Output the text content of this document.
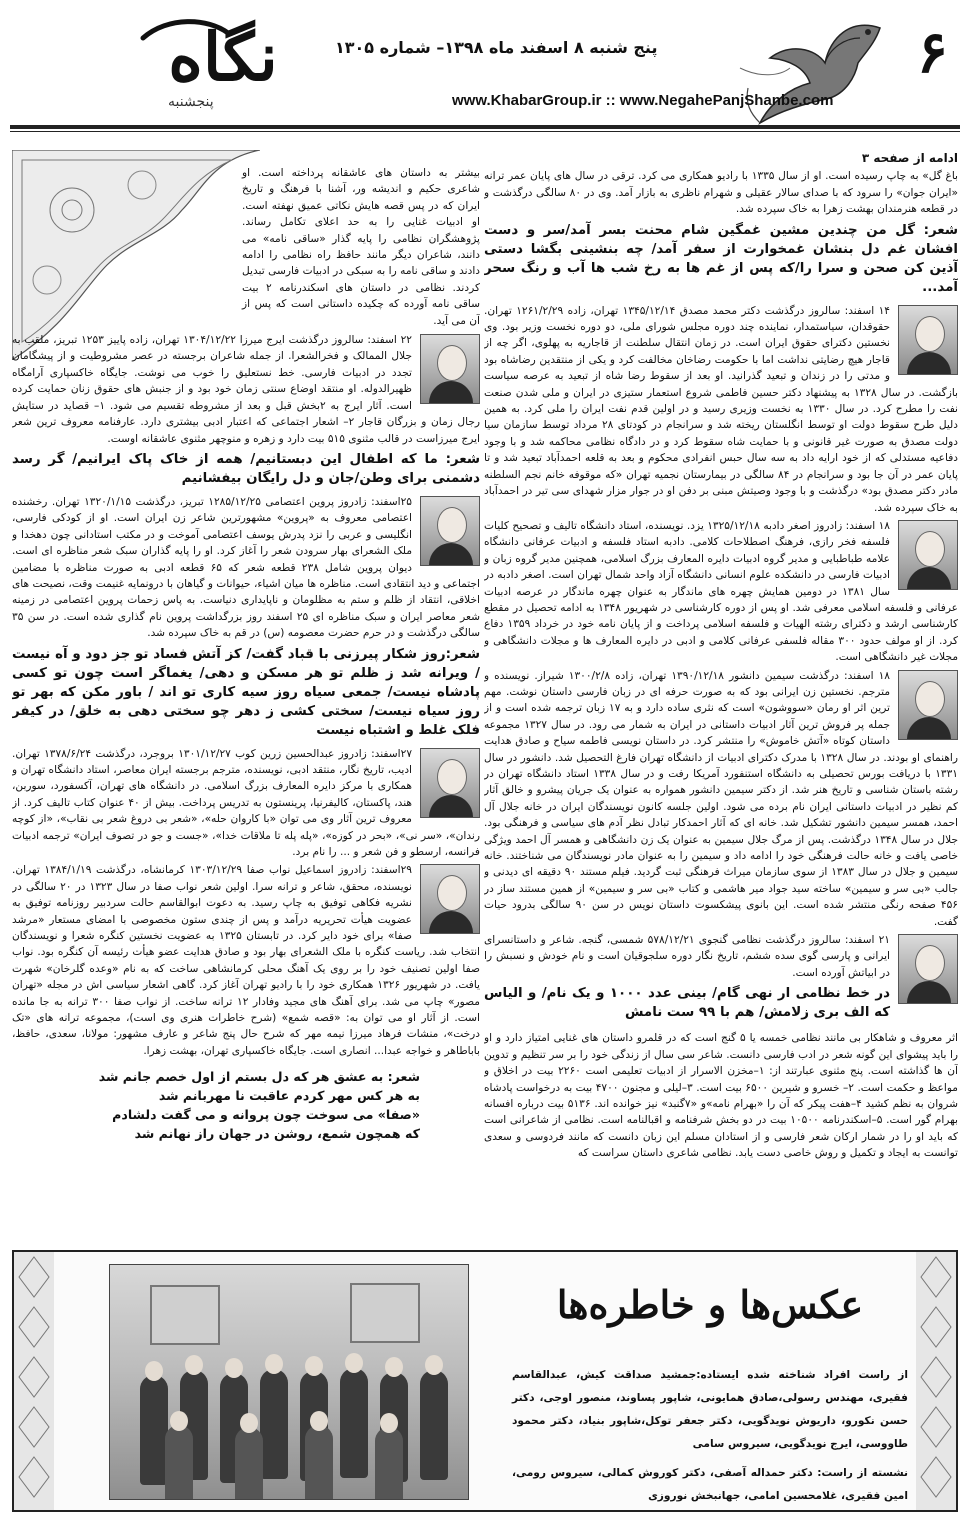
۶
نگاه
پنجشنبه
پنج شنبه ۸ اسفند ماه ۱۳۹۸– شماره ۱۳۰۵
www.KhabarGroup.ir :: www.NegahePanjShanbe.com
ادامه از صفحه ۳

باغ گل» به چاپ رسیده است. او از سال ۱۳۳۵ با رادیو همکاری می کرد. ترقی در سال های پایان عمر ترانه «ایران جوان» را سرود که با صدای سالار عقیلی و شهرام ناظری به بازار آمد. وی در ۸۰ سالگی درگذشت و در قطعه هنرمندان بهشت زهرا به خاک سپرده شد.

شعر: گل من چندین مشین غمگین شام محنت بسر آمد/سر و دست افشان غم دل بنشان غمخوارت از سفر آمد/ چه بنشینی بگشا دستی آذین کن صحن و سرا را/که پس از غم ها به رخ شب ها آب و رنگ سحر آمد...

۱۴ اسفند: سالروز درگذشت دکتر محمد مصدق ۱۳۴۵/۱۲/۱۴ تهران، زاده ۱۲۶۱/۲/۲۹ تهران. حقوقدان، سیاستمدار، نماینده چند دوره مجلس شورای ملی، دو دوره نخست وزیر بود. وی نخستین دکترای حقوق ایران است. در زمان انتقال سلطنت از قاجاریه به پهلوی، اگر چه از قاجار هیچ رضایتی نداشت اما با حکومت رضاخان مخالفت کرد و یکی از منتقدین رضاشاه بود و مدتی را در زندان و تبعید گذرانید. او بعد از سقوط رضا شاه از تبعید به عرصه سیاست بازگشت. در سال ۱۳۲۸ به پیشنهاد دکتر حسین فاطمی شروع استعمار ستیزی در ایران و ملی شدن صنعت نفت را مطرح کرد. در سال ۱۳۳۰ به نخست وزیری رسید و در اولین قدم نفت ایران را ملی کرد. به همین دلیل طرح سقوط دولت او توسط انگلستان ریخته شد و سرانجام در کودتای ۲۸ مرداد توسط سازمان سیا دولت مصدق به صورت غیر قانونی و با حمایت شاه سقوط کرد و در دادگاه نظامی محاکمه شد و با وجود دفاعیه مستدلی که از خود ارایه داد به سه سال حبس انفرادی محکوم و بعد به قلعه احمدآباد تبعید شد و تا پایان عمر در آن جا بود و سرانجام در ۸۴ سالگی در بیمارستان نجمیه تهران «که موقوفه خانم نجم السلطنه مادر دکتر مصدق بود» درگذشت و با وجود وصیتش مبنی بر دفن او در جوار مزار شهدای سی تیر در احمدآباد به خاک سپرده شد.

۱۸ اسفند: زادروز اصغر دادبه ۱۳۲۵/۱۲/۱۸ یزد. نویسنده، استاد دانشگاه تالیف و تصحیح کلیات فلسفه فخر رازی، فرهنگ اصطلاحات کلامی. دادبه استاد فلسفه و ادبیات عرفانی دانشگاه علامه طباطبایی و مدیر گروه ادبیات دایره المعارف بزرگ اسلامی، همچنین مدیر گروه زبان و ادبیات فارسی در دانشکده علوم انسانی دانشگاه آزاد واحد شمال تهران است. اصغر دادبه در سال ۱۳۸۱ در دومین همایش چهره های ماندگار به عنوان چهره ماندگار در عرصه ادبیات عرفانی و فلسفه اسلامی معرفی شد. او پس از دوره کارشناسی در شهریور ۱۳۴۸ به ادامه تحصیل در مقطع کارشناسی ارشد و دکترای رشته الهیات و فلسفه اسلامی پرداخت و از پایان نامه خود در خرداد ۱۳۵۹ دفاع کرد. از او مولف حدود ۳۰۰ مقاله فلسفی عرفانی کلامی و ادبی در دایره المعارف ها و مجلات دانشگاهی و مجلات غیر دانشگاهی است.

۱۸ اسفند: درگذشت سیمین دانشور ۱۳۹۰/۱۲/۱۸ تهران، زاده ۱۳۰۰/۲/۸ شیراز. نویسنده و مترجم. نخستین زن ایرانی بود که به صورت حرفه ای در زبان فارسی داستان نوشت. مهم ترین اثر او رمان «سووشون» است که نثری ساده دارد و به ۱۷ زبان ترجمه شده است و از جمله پر فروش ترین آثار ادبیات داستانی در ایران به شمار می رود. در سال ۱۳۲۷ مجموعه داستان کوتاه «آتش خاموش» را منتشر کرد. در داستان نویسی فاطمه سیاح و صادق هدایت راهنمای او بودند. در سال ۱۳۲۸ با مدرک دکترای ادبیات از دانشگاه تهران فارغ التحصیل شد. دانشور در سال ۱۳۳۱ با دریافت بورس تحصیلی به دانشگاه استنفورد آمریکا رفت و در سال ۱۳۳۸ استاد دانشگاه تهران در رشته باستان شناسی و تاریخ هنر شد. از دکتر سیمین دانشور همواره به عنوان یک جریان پیشرو و خالق آثار کم نظیر در ادبیات داستانی ایران نام برده می شود. اولین جلسه کانون نویسندگان ایران در خانه جلال آل احمد، همسر سیمین دانشور تشکیل شد. خانه ای که آثار احمدکار تبادل نظر آدم های سیاسی و فرهنگی بود. جلال در سال ۱۳۴۸ درگذشت. پس از مرگ جلال سیمین به عنوان یک زن دانشگاهی و همسر آل احمد ویژگی خاصی یافت و خانه حالت فرهنگی خود را ادامه داد و سیمین را به عنوان مادر نویسندگان می شناختند. خانه سیمین و جلال در سال ۱۳۸۳ از سوی سازمان میراث فرهنگی ثبت گردید. فیلم مستند ۹۰ دقیقه ای دیدنی و جالب «بی سر و سیمین» ساخته سید جواد میر هاشمی و کتاب «بی سر و سیمین» از همین مستند ساز در ۴۵۶ صفحه رنگی منتشر شده است. این بانوی پیشکسوت داستان نویس در سن ۹۰ سالگی بدرود حیات گفت.

۲۱ اسفند: سالروز درگذشت نظامی گنجوی ۵۷۸/۱۲/۲۱ شمسی، گنجه. شاعر و داستانسرای ایرانی و پارسی گوی سده ششم، تاریخ نگار دوره سلجوقیان است و نام خودش و نسبش را در ابیاتش آورده است.

در خط نظامی ار نهی گام/ بینی عدد ۱۰۰۰ و یک نام/ و الیاس که الف بری زلامش/ هم با ۹۹ ست نامش

اثر معروف و شاهکار بی مانند نظامی خمسه یا ۵ گنج است که در قلمرو داستان های غنایی امتیاز دارد و او را باید پیشوای این گونه شعر در ادب فارسی دانست. شاعر سی سال از زندگی خود را بر سر تنظیم و تدوین آن ها گذاشته است. پنج مثنوی عبارتند از: ۱–مخزن الاسرار از ادبیات تعلیمی است ۲۲۶۰ بیت در اخلاق و مواعظ و حکمت است. ۲– خسرو و شیرین ۶۵۰۰ بیت است. ۳–لیلی و مجنون ۴۷۰۰ بیت به درخواست پادشاه شروان به نظم کشید ۴–هفت پیکر که آن را «بهرام نامه»و «۷گنبد» نیز خوانده اند. ۵۱۳۶ بیت درباره افسانه بهرام گور است. ۵–اسکندرنامه ۱۰۵۰۰ بیت در دو بخش شرفنامه و اقبالنامه است. نظامی از شاعرانی است که باید او را در شمار ارکان شعر فارسی و از استادان مسلم این زبان دانست که مانند فردوسی و سعدی توانست به ایجاد و تکمیل و روش خاصی دست یابد. نظامی شاعری داستان سراست که

بیشتر به داستان های عاشقانه پرداخته است. او شاعری حکیم و اندیشه ور، آشنا با فرهنگ و تاریخ ایران که در پس قصه هایش نکاتی عمیق نهفته است. او ادبیات غنایی را به حد اعلای تکامل رساند. پژوهشگران نظامی را پایه گذار «ساقی نامه» می دانند، شاعران دیگر مانند حافظ راه نظامی را ادامه دادند و ساقی نامه را به سبکی در ادبیات فارسی تبدیل کردند. نظامی در داستان های اسکندرنامه ۲ بیت ساقی نامه آورده که چکیده داستانی است که پس از آن می آید.

۲۲ اسفند: سالروز درگذشت ایرج میرزا ۱۳۰۴/۱۲/۲۲ تهران، زاده پاییز ۱۲۵۳ تبریز، ملقب به جلال الممالک و فخرالشعرا. از جمله شاعران برجسته در عصر مشروطیت و از پیشگامان تجدد در ادبیات فارسی. خط نستعلیق را خوب می نوشت. جایگاه خاکسپاری آرامگاه ظهیرالدوله. او منتقد اوضاع سنتی زمان خود بود و از جنبش های حقوق زنان حمایت کرده است. آثار ایرج به ۲بخش قبل و بعد از مشروطه تقسیم می شود. ۱– قصاید در ستایش رجال زمان و بزرگان قاجار ۲– اشعار اجتماعی که اعتبار ادبی بیشتری دارد. عارفنامه معروف ترین شعر ایرج میرزاست در قالب مثنوی ۵۱۵ بیت دارد و زهره و منوچهر مثنوی عاشقانه اوست.

شعر: ما که اطفال این دبستانیم/ همه از خاک پاک ایرانیم/ گر رسد دشمنی برای وطن/جان و دل رایگان بیفشانیم

۲۵اسفند: زادروز پروین اعتصامی ۱۲۸۵/۱۲/۲۵ تبریز، درگذشت ۱۳۲۰/۱/۱۵ تهران. رخشنده اعتصامی معروف به «پروین» مشهورترین شاعر زن ایران است. او از کودکی فارسی، انگلیسی و عربی را نزد پدرش یوسف اعتصامی آموخت و در مکتب استادانی چون دهخدا و ملک الشعرای بهار سرودن شعر را آغاز کرد. او را پایه گذاران سبک شعر مناظره ای است. دیوان پروین شامل ۲۳۸ قطعه شعر که ۶۵ قطعه ادبی به صورت مناظره با مضامین اجتماعی و دید انتقادی است. مناظره ها میان اشیاء، حیوانات و گیاهان با درونمایه غنیمت وقت، نصیحت های اخلاقی، انتقاد از ظلم و ستم به مظلومان و ناپایداری دنیاست. به پاس زحمات پروین اعتصامی در زمینه شعر معاصر ایران و سبک مناظره ای ۲۵ اسفند روز بزرگداشت پروین نام گذاری شده است. در سن ۳۵ سالگی درگذشت و در حرم حضرت معصومه (س) در قم به خاک سپرده شد.

شعر:روز شکار پیرزنی با قباد گفت/ کز آتش فساد تو جز دود و آه نیست / ویرانه شد ز ظلم تو هر مسکن و دهی/ یغماگر است چون تو کسی پادشاه نیست/ جمعی سیاه روز سیه کاری تو اند / باور مکن که بهر تو روز سیاه نیست/ سختی کشی ز دهر چو سختی دهی به خلق/ در کیفر فلک غلط و اشتباه نیست

۲۷اسفند: زادروز عبدالحسین زرین کوب ۱۳۰۱/۱۲/۲۷ بروجرد، درگذشت ۱۳۷۸/۶/۲۴ تهران. ادیب، تاریخ نگار، منتقد ادبی، نویسنده، مترجم برجسته ایران معاصر، استاد دانشگاه تهران و همکاری با مرکز دایره المعارف بزرگ اسلامی. در دانشگاه های تهران، آکسفورد، سوربن، هند، پاکستان، کالیفرنیا، پرینستون به تدریس پرداخت. بیش از ۴۰ عنوان کتاب تالیف کرد. از معروف ترین آثار وی می توان «با کاروان حله»، «شعر بی دروغ شعر بی نقاب»، «از کوچه رندان»، «سر نی»، «بحر در کوزه»، «پله پله تا ملاقات خدا»، «جست و جو در تصوف ایران» ترجمه ادبیات فرانسه، ارسطو و فن شعر و ... را نام برد.

۲۹اسفند: زادروز اسماعیل نواب صفا ۱۳۰۳/۱۲/۲۹ کرمانشاه، درگذشت ۱۳۸۴/۱/۱۹ تهران. نویسنده، محقق، شاعر و ترانه سرا. اولین شعر نواب صفا در سال ۱۳۲۳ در ۲۰ سالگی در نشریه فکاهی توفیق به چاپ رسید. به دعوت ابوالقاسم حالت سردبیر روزنامه توفیق به عضویت هیأت تحریریه درآمد و پس از چندی ستون مخصوصی با امضای مستعار «مرشد صفا» برای خود دایر کرد. در تابستان ۱۳۲۵ به عضویت نخستین کنگره شعرا و نویسندگان انتخاب شد. ریاست کنگره با ملک الشعرای بهار بود و صادق هدایت عضو هیأت رئیسه آن کنگره بود. نواب صفا اولین تصنیف خود را بر روی یک آهنگ محلی کرمانشاهی ساخت که به نام «وعده گلرخان» شهرت یافت. در شهریور ۱۳۲۶ همکاری خود را با رادیو تهران آغاز کرد. گاهی اشعار سیاسی اش در مجله «تهران مصور» چاپ می شد. برای آهنگ های مجید وفادار ۱۲ ترانه ساخت. از نواب صفا ۳۰۰ ترانه به جا مانده است. از آثار او می توان به: «قصه شمع» (شرح خاطرات هنری وی است)، مجموعه ترانه های «تک درخت»، منشات فرهاد میرزا نیمه مهر که شرح حال پنج شاعر و عارف مشهور: مولانا، سعدی، حافظ، باباطاهر و خواجه عبدا... انصاری است. جایگاه خاکسپاری تهران، بهشت زهرا.

شعر: به عشق هر که دل بستم از اول خصم جانم شد
به هر کس مهر کردم عاقبت نا مهربانم شد
«صفا» می سوخت چون پروانه و می گفت دلشادم
که همچون شمع، روشن در جهان راز نهانم شد
عکس‌ها و خاطره‌ها

از راست افراد شناخته شده ایستاده:جمشید صداقت کیش، عبدالقاسم فقیری، مهندس رسولی،صادق همایونی، شاپور پساوند، منصور اوجی، دکتر حسن نکورو، داریوش نویدگویی، دکتر جعفر توکل،شاپور بنیاد، دکتر محمود طاووسی، ایرج نویدگویی، سیروس سامی

نشسته از راست: دکتر حمداله آصفی، دکتر کوروش کمالی، سیروس رومی، امین فقیری، غلامحسین امامی، جهانبخش نوروزی
